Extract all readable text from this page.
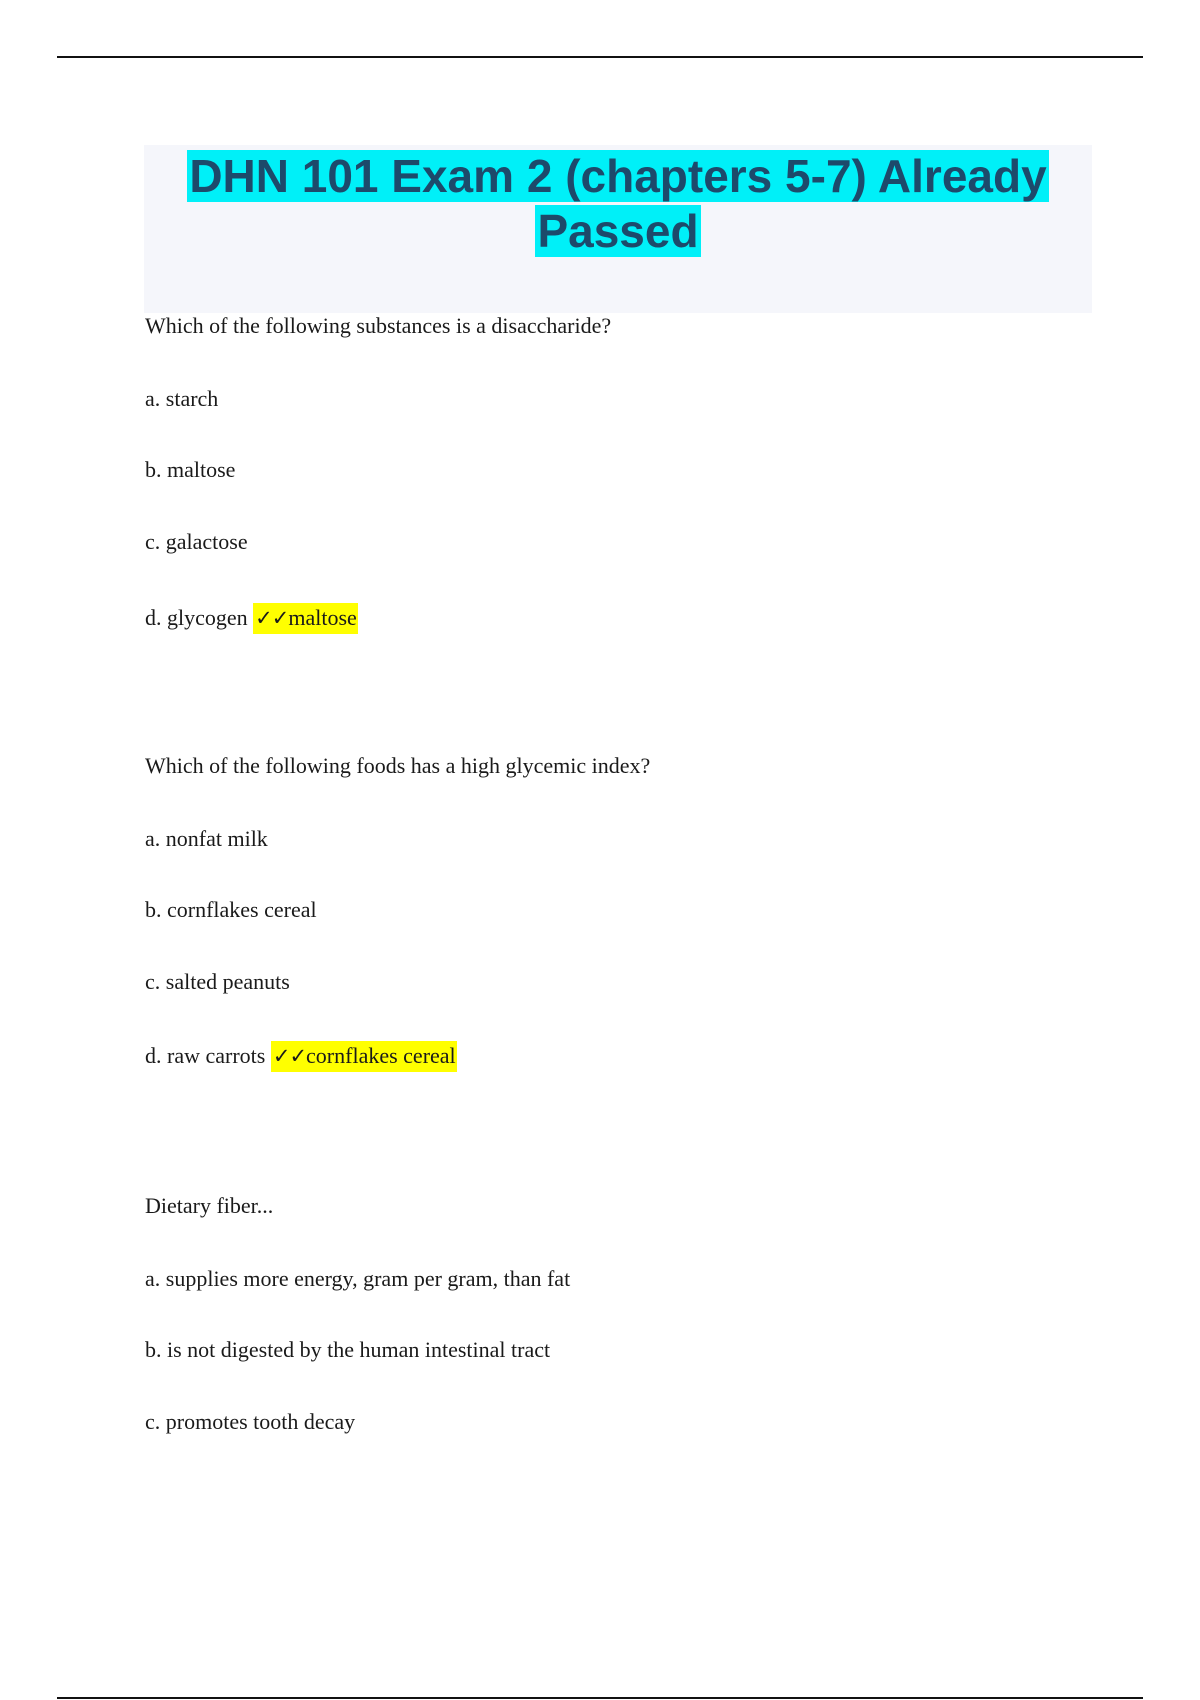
DHN 101 Exam 2 (chapters 5-7) Already Passed
Which of the following substances is a disaccharide?
a. starch
b. maltose
c. galactose
d. glycogen ✓✓maltose
Which of the following foods has a high glycemic index?
a. nonfat milk
b. cornflakes cereal
c. salted peanuts
d. raw carrots ✓✓cornflakes cereal
Dietary fiber...
a. supplies more energy, gram per gram, than fat
b. is not digested by the human intestinal tract
c. promotes tooth decay
